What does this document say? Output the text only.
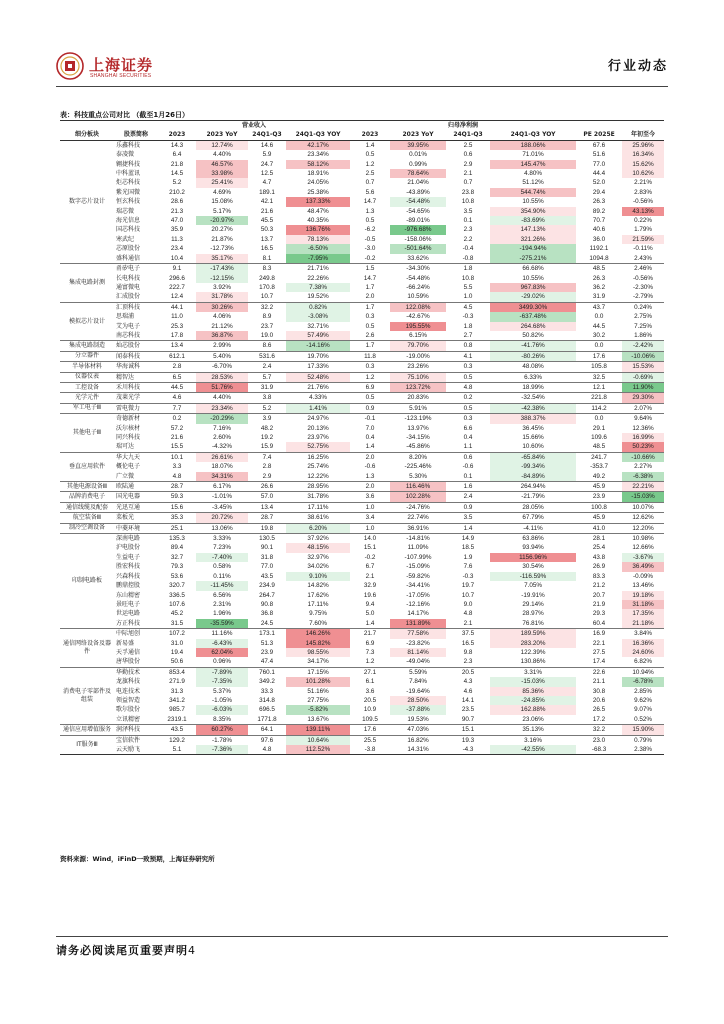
上海证券
SHANGHAI SECURITIES
行业动态
表：科技重点公司对比 （截至1月26日）
		营业收入				归母净利润					
细分板块	股票简称	2023	2023 YoY	24Q1-Q3	24Q1-Q3 YOY	2023	2023 YoY	24Q1-Q3	24Q1-Q3 YOY	PE 2025E	年初至今
数字芯片设计	乐鑫科技	14.3	12.74%	14.6	42.17%	1.4	39.95%	2.5	188.06%	67.6	25.96%
	泰凌微	6.4	4.40%	5.9	23.34%	0.5	0.01%	0.6	71.01%	51.6	16.34%
	翱捷科技	21.8	46.57%	24.7	58.12%	1.2	0.99%	2.9	145.47%	77.0	15.62%
	中科蓝讯	14.5	33.98%	12.5	18.91%	2.5	78.64%	2.1	4.80%	44.4	10.62%
	炬芯科技	5.2	25.41%	4.7	24.05%	0.7	21.04%	0.7	51.12%	52.0	2.21%
	紫光国微	210.2	4.69%	189.1	25.38%	5.6	-43.89%	23.8	544.74%	29.4	2.83%
	恒玄科技	28.6	15.08%	42.1	137.33%	14.7	-54.48%	10.8	10.55%	26.3	-0.56%
	瑞芯微	21.3	5.17%	21.6	48.47%	1.3	-54.65%	3.5	354.90%	89.2	43.13%
	海光信息	47.0	-20.97%	45.5	40.35%	0.5	-89.01%	0.1	-83.69%	70.7	0.22%
	国芯科技	35.9	20.27%	50.3	136.76%	-6.2	-976.68%	2.3	147.13%	40.6	1.79%
	寒武纪	11.3	21.87%	13.7	78.13%	-0.5	-158.06%	2.2	321.26%	36.0	21.59%
	芯原股份	23.4	-12.73%	16.5	-6.50%	-3.0	-501.64%	-0.4	-194.94%	1192.1	-0.11%
	盛科通信	10.4	35.17%	8.1	-7.95%	-0.2	33.62%	-0.8	-275.21%	1094.8	2.43%
集成电路封测	甬矽电子	9.1	-17.43%	8.3	21.71%	1.5	-34.30%	1.8	66.68%	48.5	2.46%
	长电科技	296.6	-12.15%	249.8	22.26%	14.7	-54.48%	10.8	10.55%	26.3	-0.56%
	通富微电	222.7	3.92%	170.8	7.38%	1.7	-66.24%	5.5	967.83%	36.2	-2.30%
	汇成股份	12.4	31.78%	10.7	19.52%	2.0	10.59%	1.0	-29.02%	31.9	-2.79%
模拟芯片设计	汇顶科技	44.1	30.26%	32.2	0.82%	1.7	122.08%	4.5	3499.30%	43.7	0.24%
	思瑞浦	11.0	4.06%	8.9	-3.08%	0.3	-42.67%	-0.3	-637.48%	0.0	2.75%
	艾为电子	25.3	21.12%	23.7	32.71%	0.5	195.55%	1.8	264.68%	44.5	7.25%
	南芯科技	17.8	36.87%	19.0	57.49%	2.6	6.15%	2.7	50.82%	30.2	1.86%
集成电路制造	灿芯股份	13.4	2.99%	8.6	-14.16%	1.7	79.70%	0.8	-41.76%	0.0	-2.42%
分立器件	闻泰科技	612.1	5.40%	531.6	19.70%	11.8	-19.00%	4.1	-80.26%	17.6	-10.06%
半导体材料	华海诚科	2.8	-6.70%	2.4	17.33%	0.3	23.26%	0.3	48.08%	105.8	15.53%
仪器仪表	精智达	6.5	28.53%	5.7	52.48%	1.2	75.10%	0.5	6.33%	32.5	-0.69%
工控设备	禾川科技	44.5	51.76%	31.9	21.76%	6.9	123.72%	4.8	18.99%	12.1	11.90%
光学元件	茂莱光学	4.6	4.40%	3.8	4.33%	0.5	20.83%	0.2	-32.54%	221.8	29.30%
军工电子Ⅲ	雷电微力	7.7	23.34%	5.2	1.41%	0.9	5.91%	0.5	-42.38%	114.2	2.07%
其他电子Ⅲ	奇德新材	0.2	-20.29%	3.9	24.97%	-0.1	-123.19%	0.3	388.37%	0.0	9.64%
	沃尔核材	57.2	7.16%	48.2	20.13%	7.0	13.97%	6.6	36.45%	29.1	12.36%
	同兴科技	21.6	2.60%	19.2	23.97%	0.4	-34.15%	0.4	15.66%	109.6	16.99%
	瑞可达	15.5	-4.32%	15.9	52.75%	1.4	-45.86%	1.1	10.60%	48.5	50.23%
垂直应用软件	华大九天	10.1	26.61%	7.4	16.25%	2.0	8.20%	0.6	-65.84%	241.7	-10.66%
	概伦电子	3.3	18.07%	2.8	25.74%	-0.6	-225.46%	-0.6	-99.34%	-353.7	2.27%
	广立微	4.8	34.31%	2.9	12.22%	1.3	5.30%	0.1	-84.89%	49.2	-6.38%
其他电源设备Ⅲ	欧陆通	28.7	6.17%	26.6	28.95%	2.0	116.46%	1.6	264.94%	45.9	22.21%
品牌消费电子	国光电器	59.3	-1.01%	57.0	31.78%	3.6	102.28%	2.4	-21.79%	23.9	-15.03%
通信线缆及配套	光迅互通	15.6	-3.45%	13.4	17.11%	1.0	-24.76%	0.9	28.05%	100.8	10.07%
航空装备Ⅲ	菜板光	35.3	20.72%	28.7	38.61%	3.4	22.74%	3.5	67.79%	45.9	12.62%
制冷空调设备	中菱环境	25.1	13.06%	19.8	6.20%	1.0	36.91%	1.4	-4.11%	41.0	12.20%
印制电路板	深南电路	135.3	3.33%	130.5	37.92%	14.0	-14.81%	14.9	63.86%	28.1	10.98%
	沪电股份	89.4	7.23%	90.1	48.15%	15.1	11.09%	18.5	93.94%	25.4	12.66%
	生益电子	32.7	-7.40%	31.8	32.97%	-0.2	-107.99%	1.9	1156.96%	43.8	-3.67%
	胜宏科技	79.3	0.58%	77.0	34.02%	6.7	-15.09%	7.6	30.54%	26.9	36.49%
	兴森科技	53.6	0.11%	43.5	9.10%	2.1	-59.82%	-0.3	-116.59%	83.3	-0.09%
	鹏鼎控股	320.7	-11.45%	234.9	14.82%	32.9	-34.41%	19.7	7.05%	21.2	13.46%
	东山精密	336.5	6.56%	264.7	17.62%	19.6	-17.05%	10.7	-19.91%	20.7	19.18%
	景旺电子	107.6	2.31%	90.8	17.11%	9.4	-12.16%	9.0	29.14%	21.9	31.18%
	世运电路	45.2	1.96%	36.8	9.75%	5.0	14.17%	4.8	28.97%	29.3	17.35%
	方正科技	31.5	-35.59%	24.5	7.60%	1.4	131.89%	2.1	76.81%	60.4	21.18%
通信网络设备及器件	中际旭创	107.2	11.16%	173.1	146.26%	21.7	77.58%	37.5	189.59%	16.9	3.84%
	新易盛	31.0	-6.43%	51.3	145.82%	6.9	-23.82%	16.5	283.20%	22.1	16.36%
	天孚通信	19.4	62.04%	23.9	98.55%	7.3	81.14%	9.8	122.39%	27.5	24.60%
	唐华股份	50.6	0.96%	47.4	34.17%	1.2	-49.04%	2.3	130.86%	17.4	6.82%
消费电子零部件及组装	华勤技术	853.4	-7.89%	760.1	17.15%	27.1	5.59%	20.5	3.31%	22.6	10.94%
	龙旗科技	271.9	-7.35%	349.2	101.28%	6.1	7.84%	4.3	-15.03%	21.1	-6.78%
	电连技术	31.3	5.37%	33.3	51.16%	3.6	-19.64%	4.6	85.36%	30.8	2.85%
	领益智造	341.2	-1.05%	314.8	27.75%	20.5	28.50%	14.1	-24.85%	20.6	9.62%
	歌尔股份	985.7	-6.03%	696.5	-5.82%	10.9	-37.88%	23.5	162.88%	26.5	9.07%
	立讯精密	2319.1	8.35%	1771.8	13.67%	109.5	19.53%	90.7	23.06%	17.2	0.52%
通信应用增值服务	润泽科技	43.5	60.27%	64.1	139.11%	17.6	47.03%	15.1	35.13%	32.2	15.90%
IT服务Ⅲ	宝信软件	129.2	-1.78%	97.6	10.64%	25.5	16.82%	19.3	3.16%	23.0	0.79%
	云天励飞	5.1	-7.36%	4.8	112.52%	-3.8	14.31%	-4.3	-42.55%	-68.3	2.38%
资料来源：Wind，iFinD一致预期，上海证券研究所
请务必阅读尾页重要声明4
